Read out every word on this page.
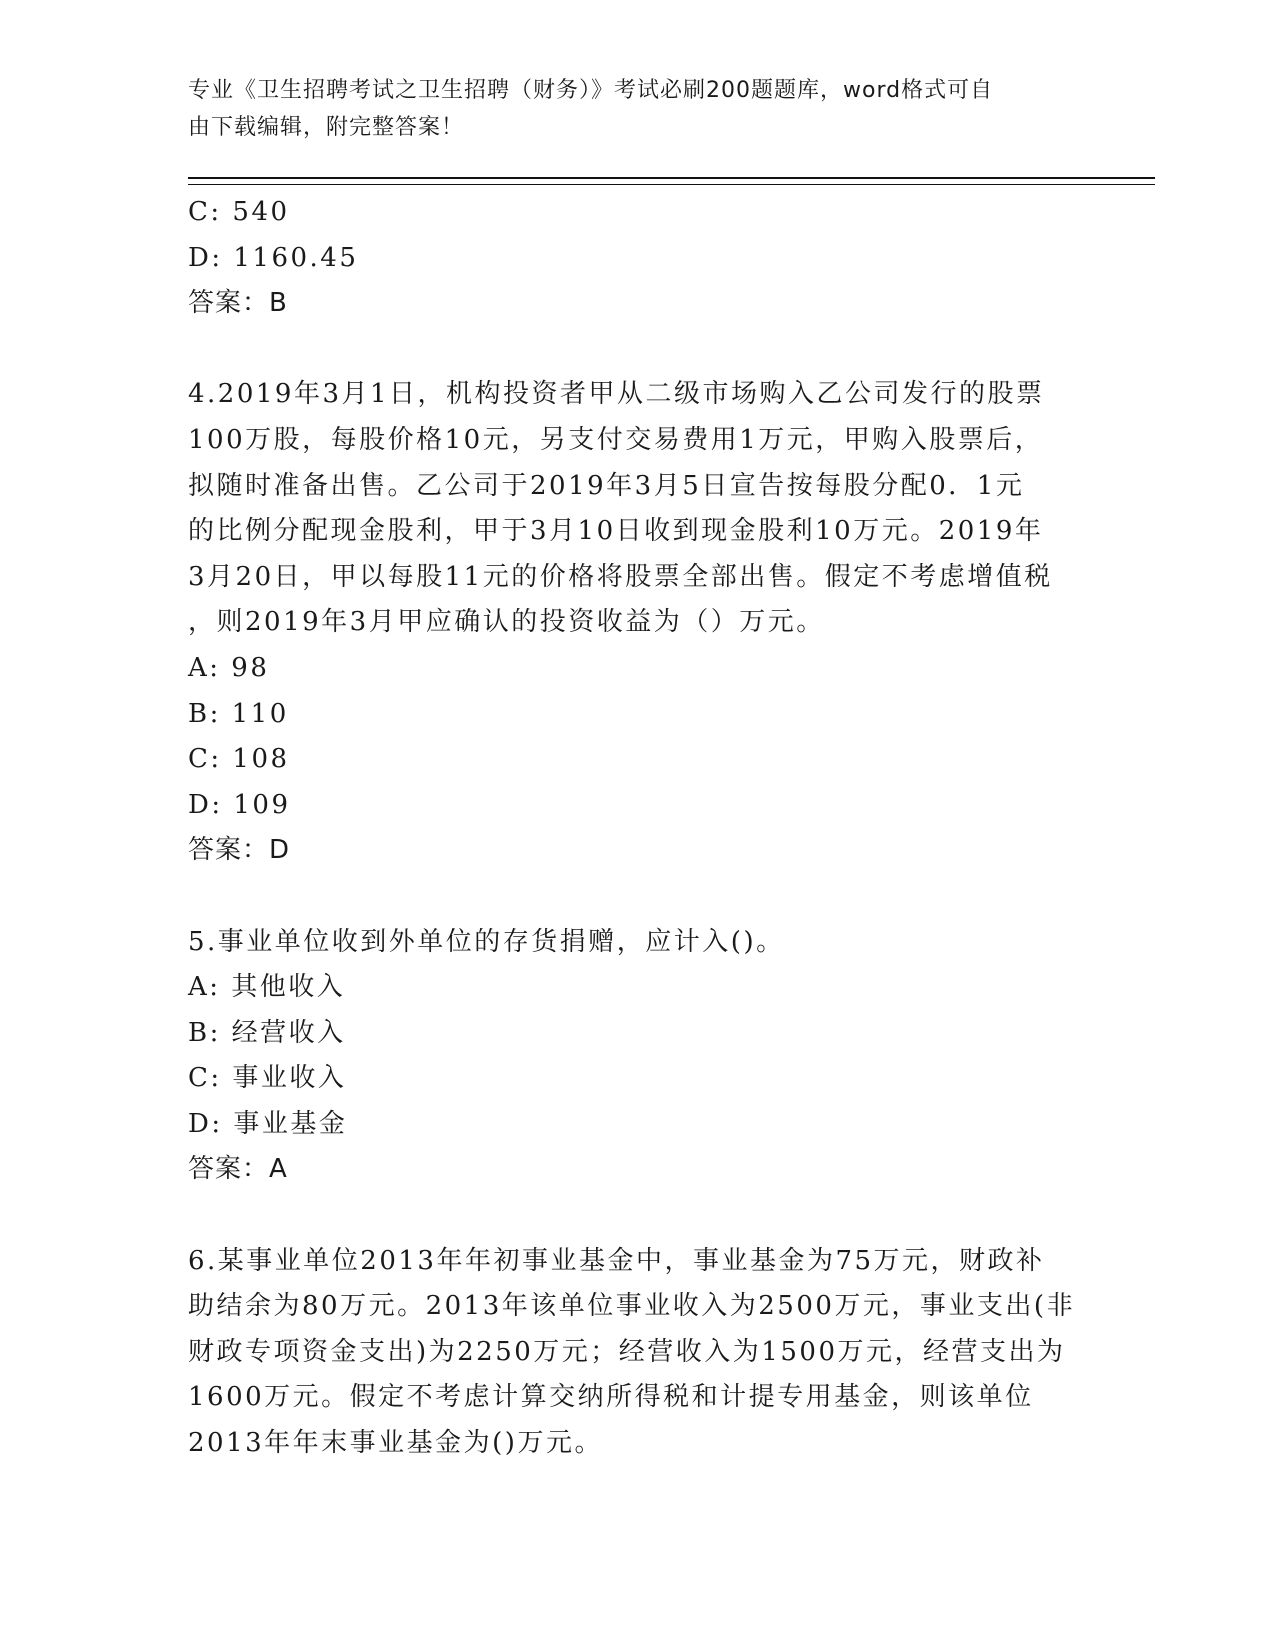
专业《卫生招聘考试之卫生招聘（财务）》考试必刷200题题库，word格式可自
由下载编辑，附完整答案！
C: 540
D: 1160.45
答案：B
4.2019年3月1日，机构投资者甲从二级市场购入乙公司发行的股票
100万股，每股价格10元，另支付交易费用1万元，甲购入股票后，
拟随时准备出售。乙公司于2019年3月5日宣告按每股分配0．1元
的比例分配现金股利，甲于3月10日收到现金股利10万元。2019年
3月20日，甲以每股11元的价格将股票全部出售。假定不考虑增值税
，则2019年3月甲应确认的投资收益为（）万元。
A: 98
B: 110
C: 108
D: 109
答案：D
5.事业单位收到外单位的存货捐赠，应计入()。
A: 其他收入
B: 经营收入
C: 事业收入
D: 事业基金
答案：A
6.某事业单位2013年年初事业基金中，事业基金为75万元，财政补
助结余为80万元。2013年该单位事业收入为2500万元，事业支出(非
财政专项资金支出)为2250万元；经营收入为1500万元，经营支出为
1600万元。假定不考虑计算交纳所得税和计提专用基金，则该单位
2013年年末事业基金为()万元。
